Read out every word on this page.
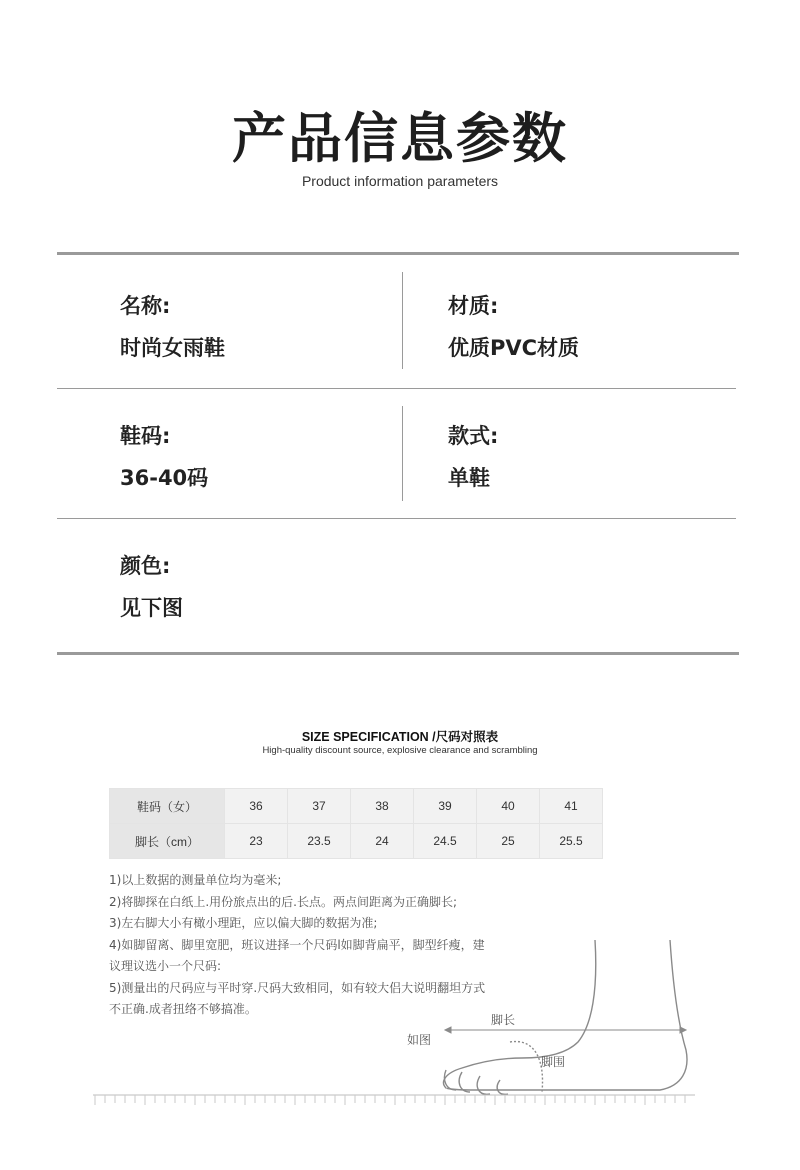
产品信息参数
Product information parameters
名称:
时尚女雨鞋
材质:
优质PVC材质
鞋码:
36-40码
款式:
单鞋
颜色:
见下图
SIZE SPECIFICATION /尺码对照表
High-quality discount source, explosive clearance and scrambling
鞋码（女）	36	37	38	39	40	41
脚长（cm）	23	23.5	24	24.5	25	25.5
1)以上数据的测量单位均为毫米;
2)将脚探在白纸上.用份旅点出的后.长点。两点间距离为正确脚长;
3)左右脚大小有橄小理距，应以偏大脚的数据为准;
4)如脚留离、脚里宽肥，班议进择一个尺码l如脚背扁平，脚型纤瘦，建
议理议选小一个尺码:
5)测量出的尺码应与平时穿.尺码大致相同，如有较大侣大说明翻坦方式
不正确.成者扭络不够搞准。
脚长
如图
脚围
